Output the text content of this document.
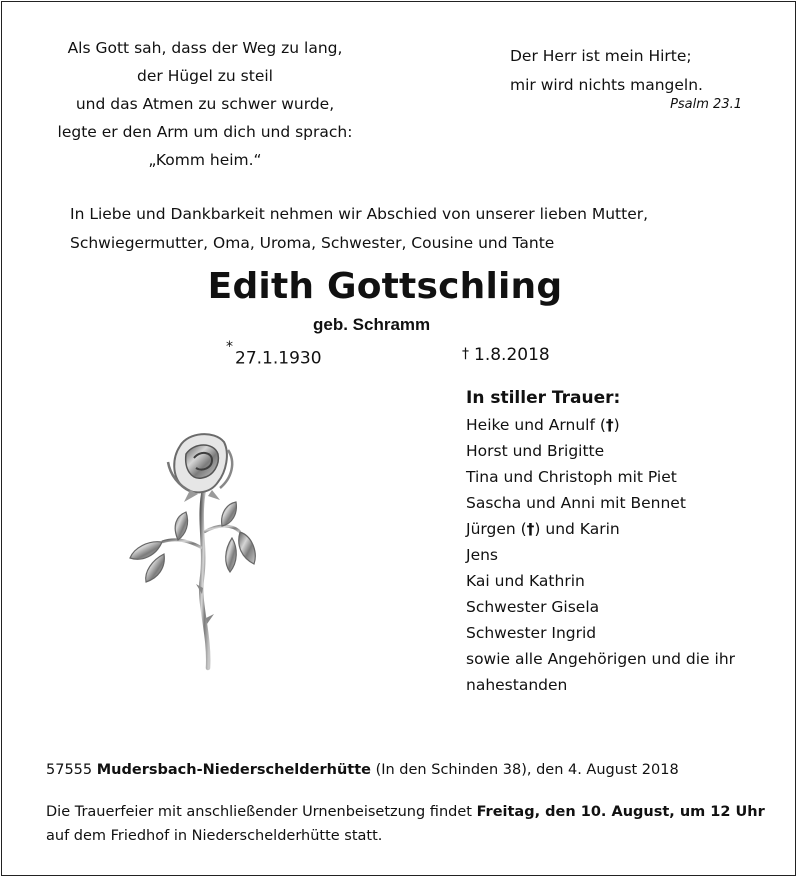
Als Gott sah, dass der Weg zu lang,
der Hügel zu steil
und das Atmen zu schwer wurde,
legte er den Arm um dich und sprach:
„Komm heim.“
Der Herr ist mein Hirte;
mir wird nichts mangeln.
Psalm 23.1
In Liebe und Dankbarkeit nehmen wir Abschied von unserer lieben Mutter,
Schwiegermutter, Oma, Uroma, Schwester, Cousine und Tante
Edith Gottschling
geb. Schramm
*27.1.1930	† 1.8.2018
In stiller Trauer:
Heike und Arnulf (†)
Horst und Brigitte
Tina und Christoph mit Piet
Sascha und Anni mit Bennet
Jürgen (†) und Karin
Jens
Kai und Kathrin
Schwester Gisela
Schwester Ingrid
sowie alle Angehörigen und die ihr
nahestanden
57555 Mudersbach-Niederschelderhütte (In den Schinden 38), den 4. August 2018
Die Trauerfeier mit anschließender Urnenbeisetzung findet Freitag, den 10. August, um 12 Uhr
auf dem Friedhof in Niederschelderhütte statt.
